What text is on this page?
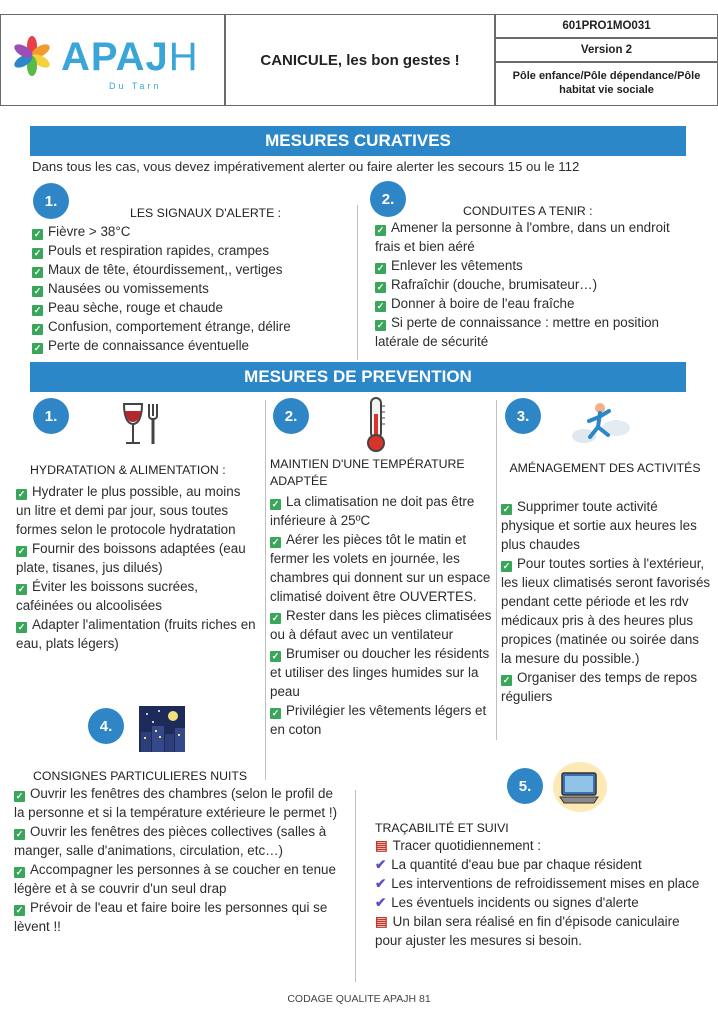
APAJH
Du Tarn
CANICULE, les bon gestes !
601PRO1MO031
Version 2
Pôle enfance/Pôle dépendance/Pôle habitat vie sociale
MESURES CURATIVES
Dans tous les cas, vous devez impérativement alerter ou faire alerter les secours 15 ou le 112
1.
LES SIGNAUX D'ALERTE :
✓ Fièvre > 38°C
✓ Pouls et respiration rapides, crampes
✓ Maux de tête, étourdissement,, vertiges
✓ Nausées ou vomissements
✓ Peau sèche, rouge et chaude
✓ Confusion, comportement étrange, délire
✓ Perte de connaissance éventuelle
2.
CONDUITES A TENIR :
✓ Amener la personne à l'ombre, dans un endroit frais et bien aéré
✓ Enlever les vêtements
✓ Rafraîchir (douche, brumisateur…)
✓ Donner à boire de l'eau fraîche
✓ Si perte de connaissance : mettre en position latérale de sécurité
MESURES DE PREVENTION
1.
HYDRATATION & ALIMENTATION :
✓ Hydrater le plus possible, au moins un litre et demi par jour, sous toutes formes selon le protocole hydratation
✓ Fournir des boissons adaptées (eau plate, tisanes, jus dilués)
✓ Éviter les boissons sucrées, caféinées ou alcoolisées
✓ Adapter l'alimentation (fruits riches en eau, plats légers)
2.
MAINTIEN D'UNE TEMPÉRATURE ADAPTÉE
✓ La climatisation ne doit pas être inférieure à 25ºC
✓ Aérer les pièces tôt le matin et fermer les volets en journée, les chambres qui donnent sur un espace climatisé doivent être OUVERTES.
✓ Rester dans les pièces climatisées ou à défaut avec un ventilateur
✓ Brumiser ou doucher les résidents et utiliser des linges humides sur la peau
✓ Privilégier les vêtements légers et en coton
3.
AMÉNAGEMENT DES ACTIVITÉS
✓ Supprimer toute activité physique et sortie aux heures les plus chaudes
✓ Pour toutes sorties à l'extérieur, les lieux climatisés seront favorisés pendant cette période et les rdv médicaux pris à des heures plus propices (matinée ou soirée dans la mesure du possible.)
✓ Organiser des temps de repos réguliers
4.
CONSIGNES PARTICULIERES NUITS
✓ Ouvrir les fenêtres des chambres (selon le profil de la personne et si la température extérieure le permet !)
✓ Ouvrir les fenêtres des pièces collectives (salles à manger, salle d'animations, circulation, etc…)
✓ Accompagner les personnes à se coucher en tenue légère et à se couvrir d'un seul drap
✓ Prévoir de l'eau et faire boire les personnes qui se lèvent !!
5.
TRAÇABILITÉ ET SUIVI
▤ Tracer quotidiennement :
✔ La quantité d'eau bue par chaque résident
✔ Les interventions de refroidissement mises en place
✔ Les éventuels incidents ou signes d'alerte
▤ Un bilan sera réalisé en fin d'épisode caniculaire pour ajuster les mesures si besoin.
CODAGE QUALITE APAJH 81
